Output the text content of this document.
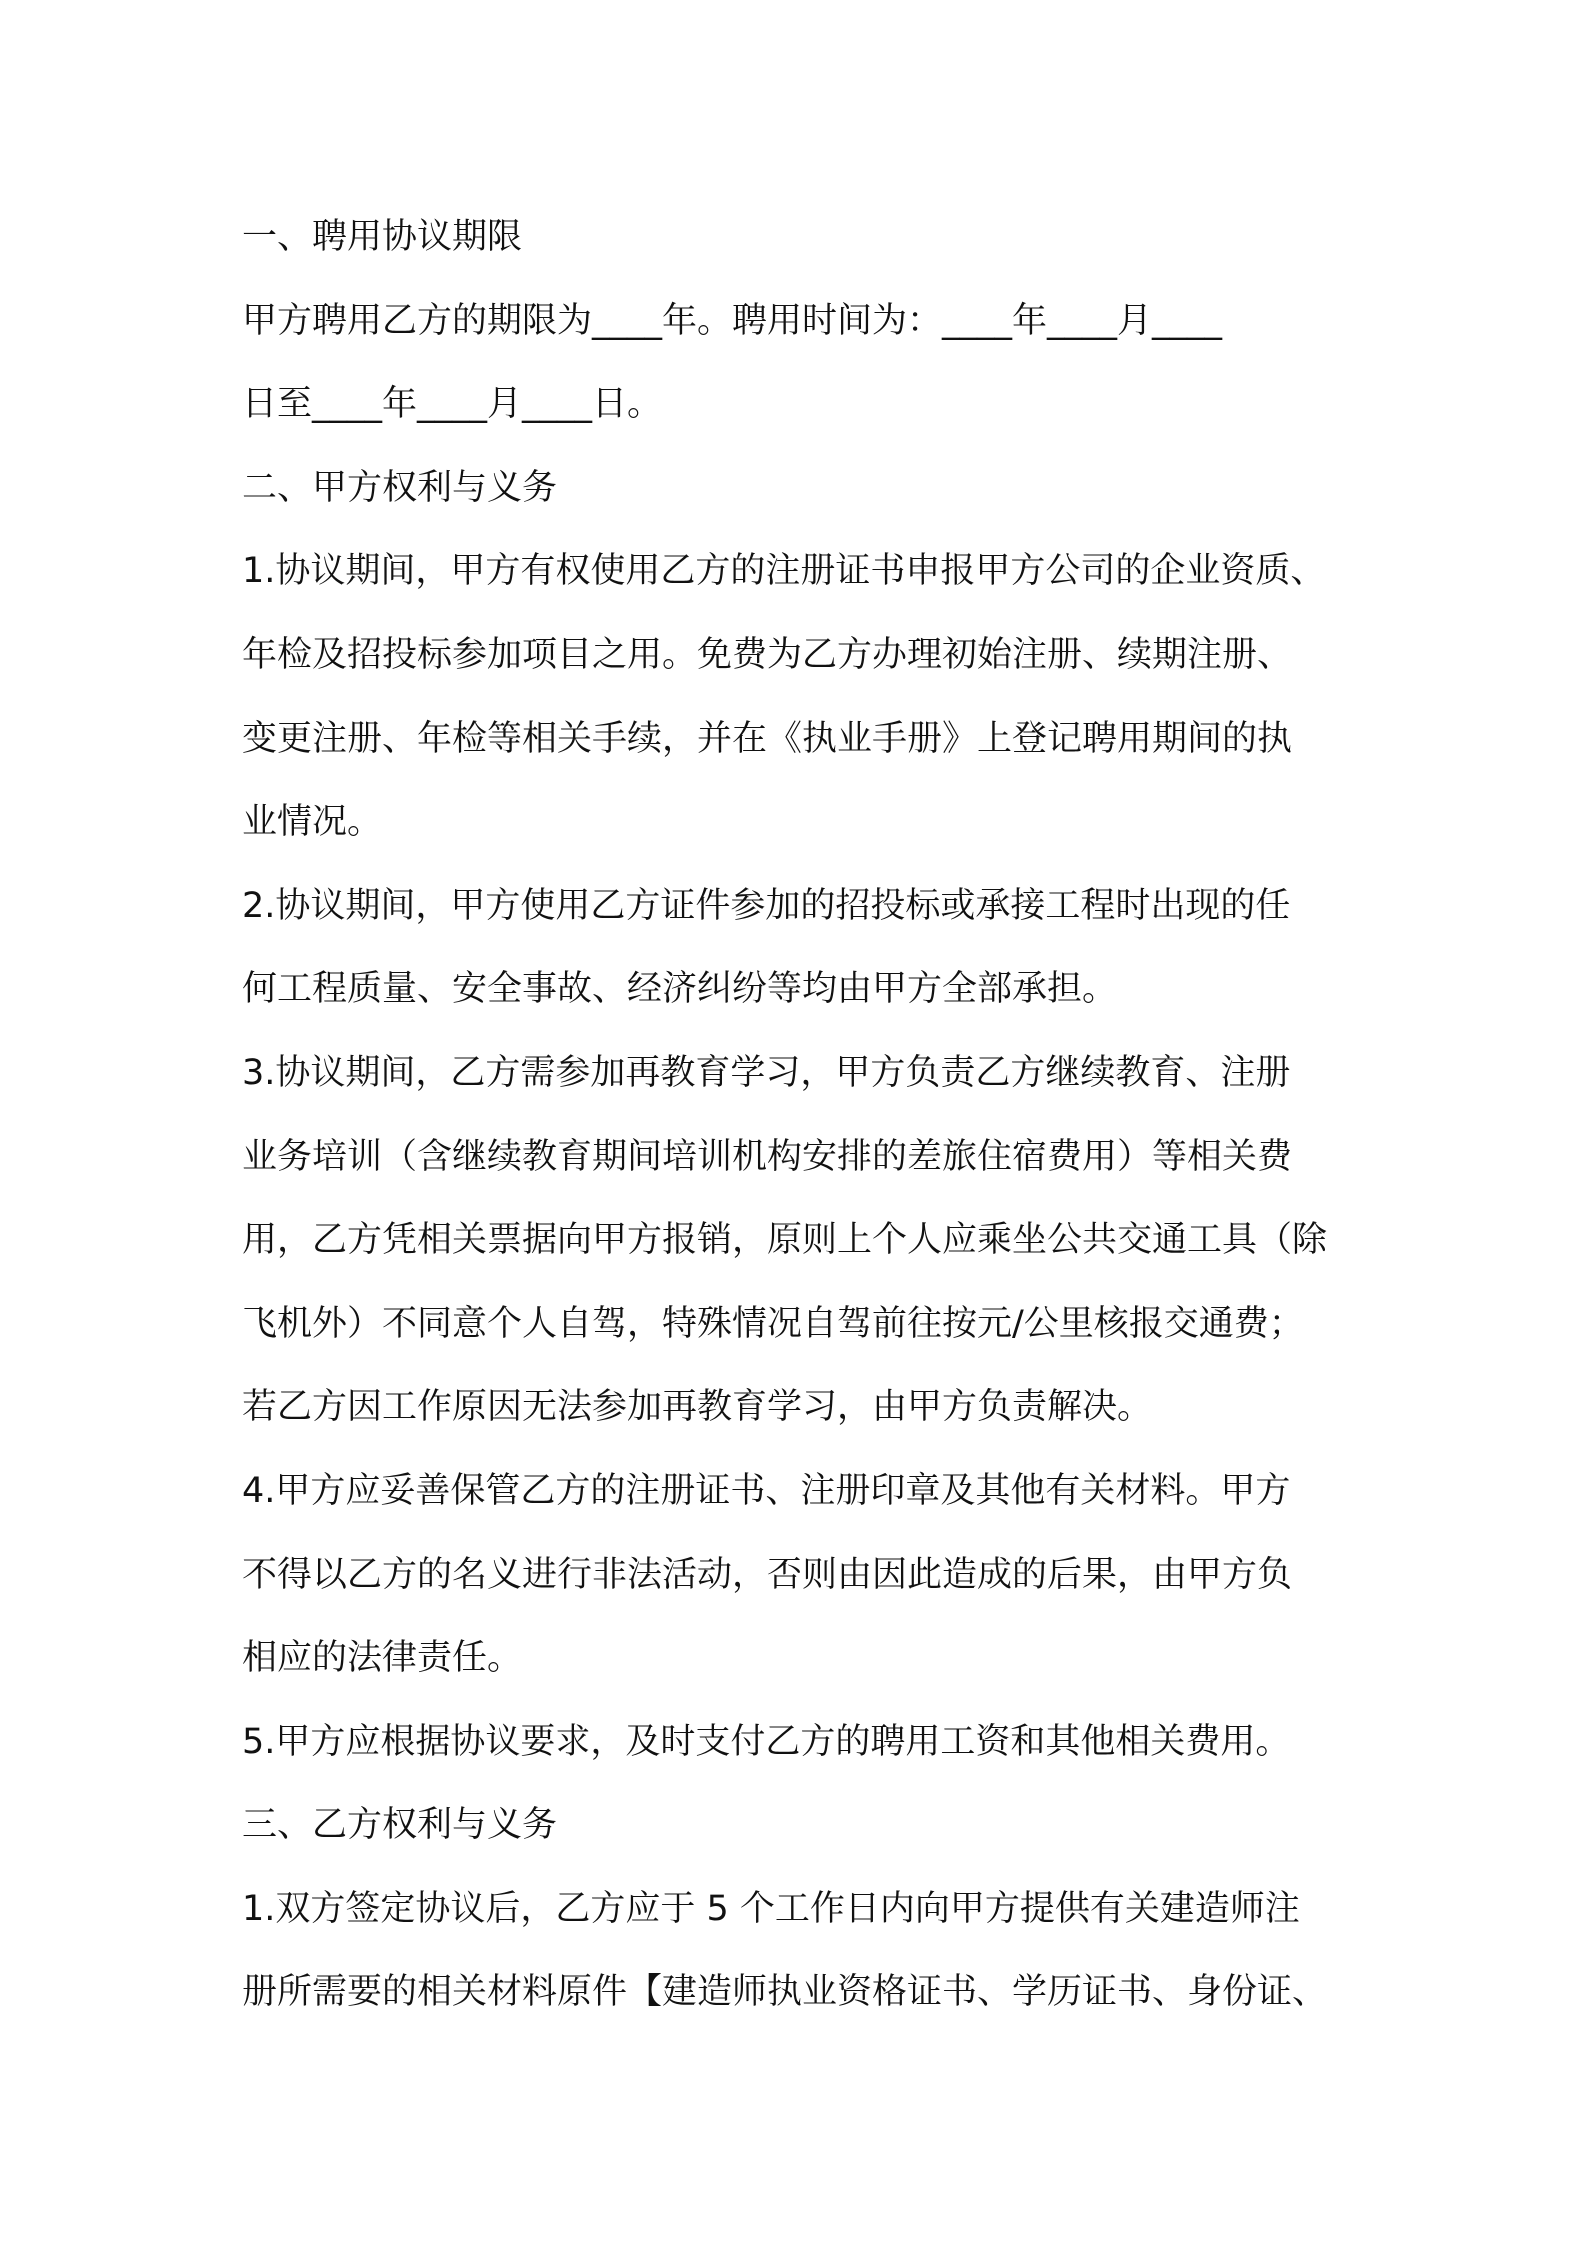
一、聘用协议期限
甲方聘用乙方的期限为____年。聘用时间为：____年____月____
日至____年____月____日。
二、甲方权利与义务
1.协议期间，甲方有权使用乙方的注册证书申报甲方公司的企业资质、
年检及招投标参加项目之用。免费为乙方办理初始注册、续期注册、
变更注册、年检等相关手续，并在《执业手册》上登记聘用期间的执
业情况。
2.协议期间，甲方使用乙方证件参加的招投标或承接工程时出现的任
何工程质量、安全事故、经济纠纷等均由甲方全部承担。
3.协议期间，乙方需参加再教育学习，甲方负责乙方继续教育、注册
业务培训（含继续教育期间培训机构安排的差旅住宿费用）等相关费
用，乙方凭相关票据向甲方报销，原则上个人应乘坐公共交通工具（除
飞机外）不同意个人自驾，特殊情况自驾前往按元/公里核报交通费；
若乙方因工作原因无法参加再教育学习，由甲方负责解决。
4.甲方应妥善保管乙方的注册证书、注册印章及其他有关材料。甲方
不得以乙方的名义进行非法活动，否则由因此造成的后果，由甲方负
相应的法律责任。
5.甲方应根据协议要求，及时支付乙方的聘用工资和其他相关费用。
三、乙方权利与义务
1.双方签定协议后，乙方应于 5 个工作日内向甲方提供有关建造师注
册所需要的相关材料原件【建造师执业资格证书、学历证书、身份证、
